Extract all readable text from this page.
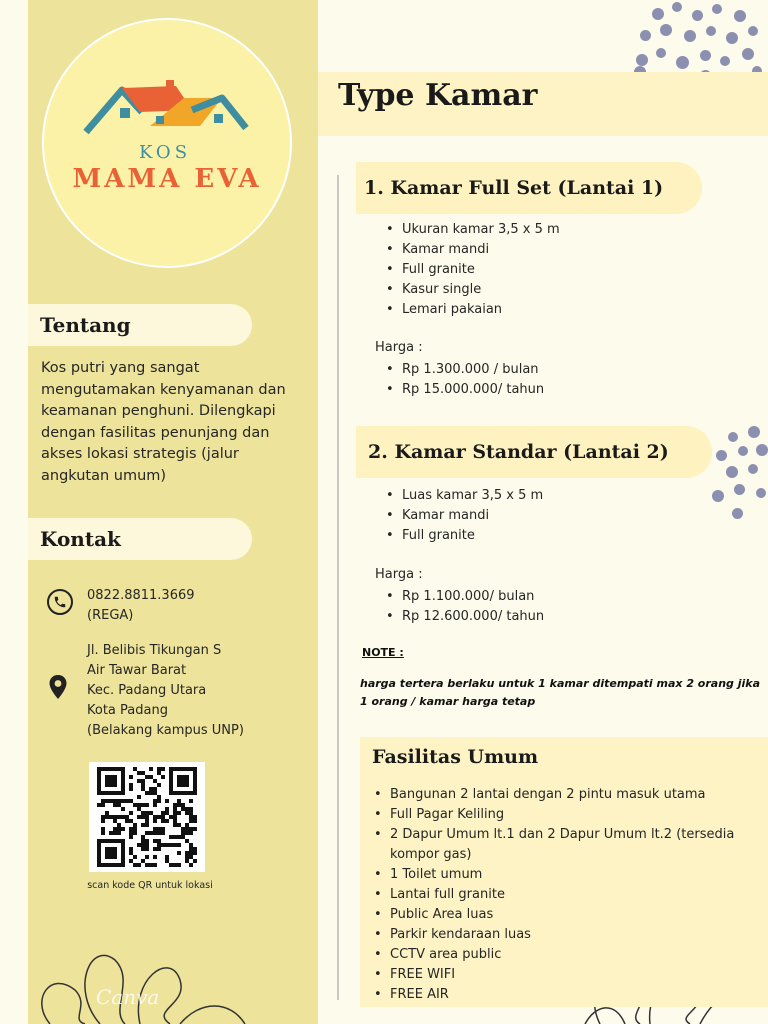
KOS
MAMA EVA
Tentang
Kos putri yang sangat mengutamakan kenyamanan dan keamanan penghuni. Dilengkapi dengan fasilitas penunjang dan akses lokasi strategis (jalur angkutan umum)
Kontak
0822.8811.3669
(REGA)
Jl. Belibis Tikungan S
Air Tawar Barat
Kec. Padang Utara
Kota Padang
(Belakang kampus UNP)
scan kode QR untuk lokasi
Canva
Type Kamar
1. Kamar Full Set (Lantai 1)
• Ukuran kamar 3,5 x 5 m
• Kamar mandi
• Full granite
• Kasur single
• Lemari pakaian
Harga :
• Rp 1.300.000 / bulan
• Rp 15.000.000/ tahun
2. Kamar Standar (Lantai 2)
• Luas kamar 3,5 x 5 m
• Kamar mandi
• Full granite
Harga :
• Rp 1.100.000/ bulan
• Rp 12.600.000/ tahun
NOTE :
harga tertera berlaku untuk 1 kamar ditempati max 2 orang jika 1 orang / kamar harga tetap
Fasilitas Umum
• Bangunan 2 lantai dengan 2 pintu masuk utama
• Full Pagar Keliling
• 2 Dapur Umum lt.1 dan 2 Dapur Umum lt.2 (tersedia kompor gas)
• 1 Toilet umum
• Lantai full granite
• Public Area luas
• Parkir kendaraan luas
• CCTV area public
• FREE WIFI
• FREE AIR
